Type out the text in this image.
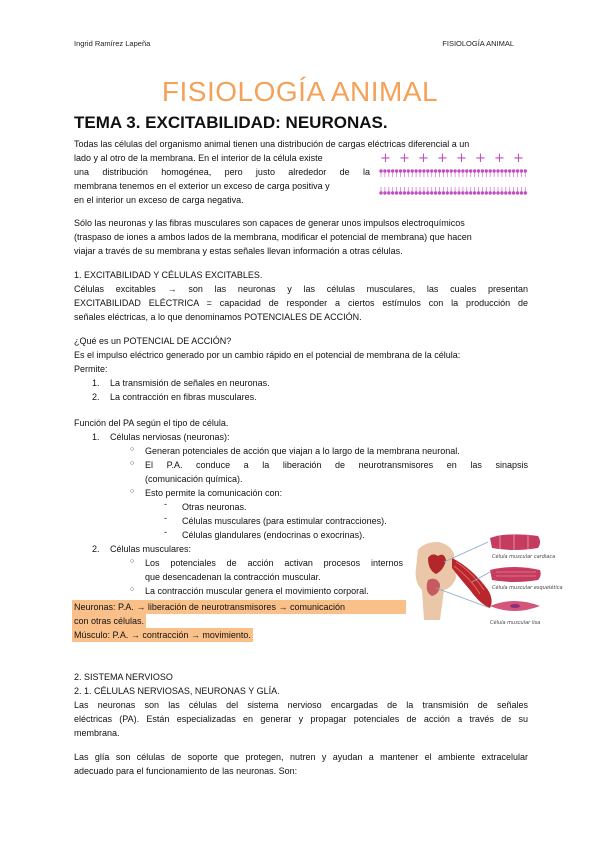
Ingrid Ramírez Lapeña	FISIOLOGÍA ANIMAL
FISIOLOGÍA ANIMAL
TEMA 3. EXCITABILIDAD: NEURONAS.
Todas las células del organismo animal tienen una distribución de cargas eléctricas diferencial a un
lado y al otro de la membrana. En el interior de la célula existe
una distribución homogénea, pero justo alrededor de la
membrana tenemos en el exterior un exceso de carga positiva y
en el interior un exceso de carga negativa.
+ + + + + + + +
Sólo las neuronas y las fibras musculares son capaces de generar unos impulsos electroquímicos
(traspaso de iones a ambos lados de la membrana, modificar el potencial de membrana) que hacen
viajar a través de su membrana y estas señales llevan información a otras células.
1. EXCITABILIDAD Y CÉLULAS EXCITABLES.
Células excitables → son las neuronas y las células musculares, las cuales presentan
EXCITABILIDAD ELÉCTRICA = capacidad de responder a ciertos estímulos con la producción de
señales eléctricas, a lo que denominamos POTENCIALES DE ACCIÓN.
¿Qué es un POTENCIAL DE ACCIÓN?
Es el impulso eléctrico generado por un cambio rápido en el potencial de membrana de la célula:
Permite:
1. La transmisión de señales en neuronas.
2. La contracción en fibras musculares.
Función del PA según el tipo de célula.
1. Células nerviosas (neuronas):
○ Generan potenciales de acción que viajan a lo largo de la membrana neuronal.
○ El P.A. conduce a la liberación de neurotransmisores en las sinapsis
(comunicación química).
○ Esto permite la comunicación con:
- Otras neuronas.
- Células musculares (para estimular contracciones).
- Células glandulares (endocrinas o exocrinas).
2. Células musculares:
○ Los potenciales de acción activan procesos internos
que desencadenan la contracción muscular.
○ La contracción muscular genera el movimiento corporal.
Neuronas: P.A. → liberación de neurotransmisores → comunicación
con otras células.
Músculo: P.A. → contracción → movimiento.
Célula muscular cardiaca
Célula muscular esquelética
Célula muscular lisa
2. SISTEMA NERVIOSO
2. 1. CÉLULAS NERVIOSAS, NEURONAS Y GLÍA.
Las neuronas son las células del sistema nervioso encargadas de la transmisión de señales
eléctricas (PA). Están especializadas en generar y propagar potenciales de acción a través de su
membrana.
Las glía son células de soporte que protegen, nutren y ayudan a mantener el ambiente extracelular
adecuado para el funcionamiento de las neuronas. Son:
